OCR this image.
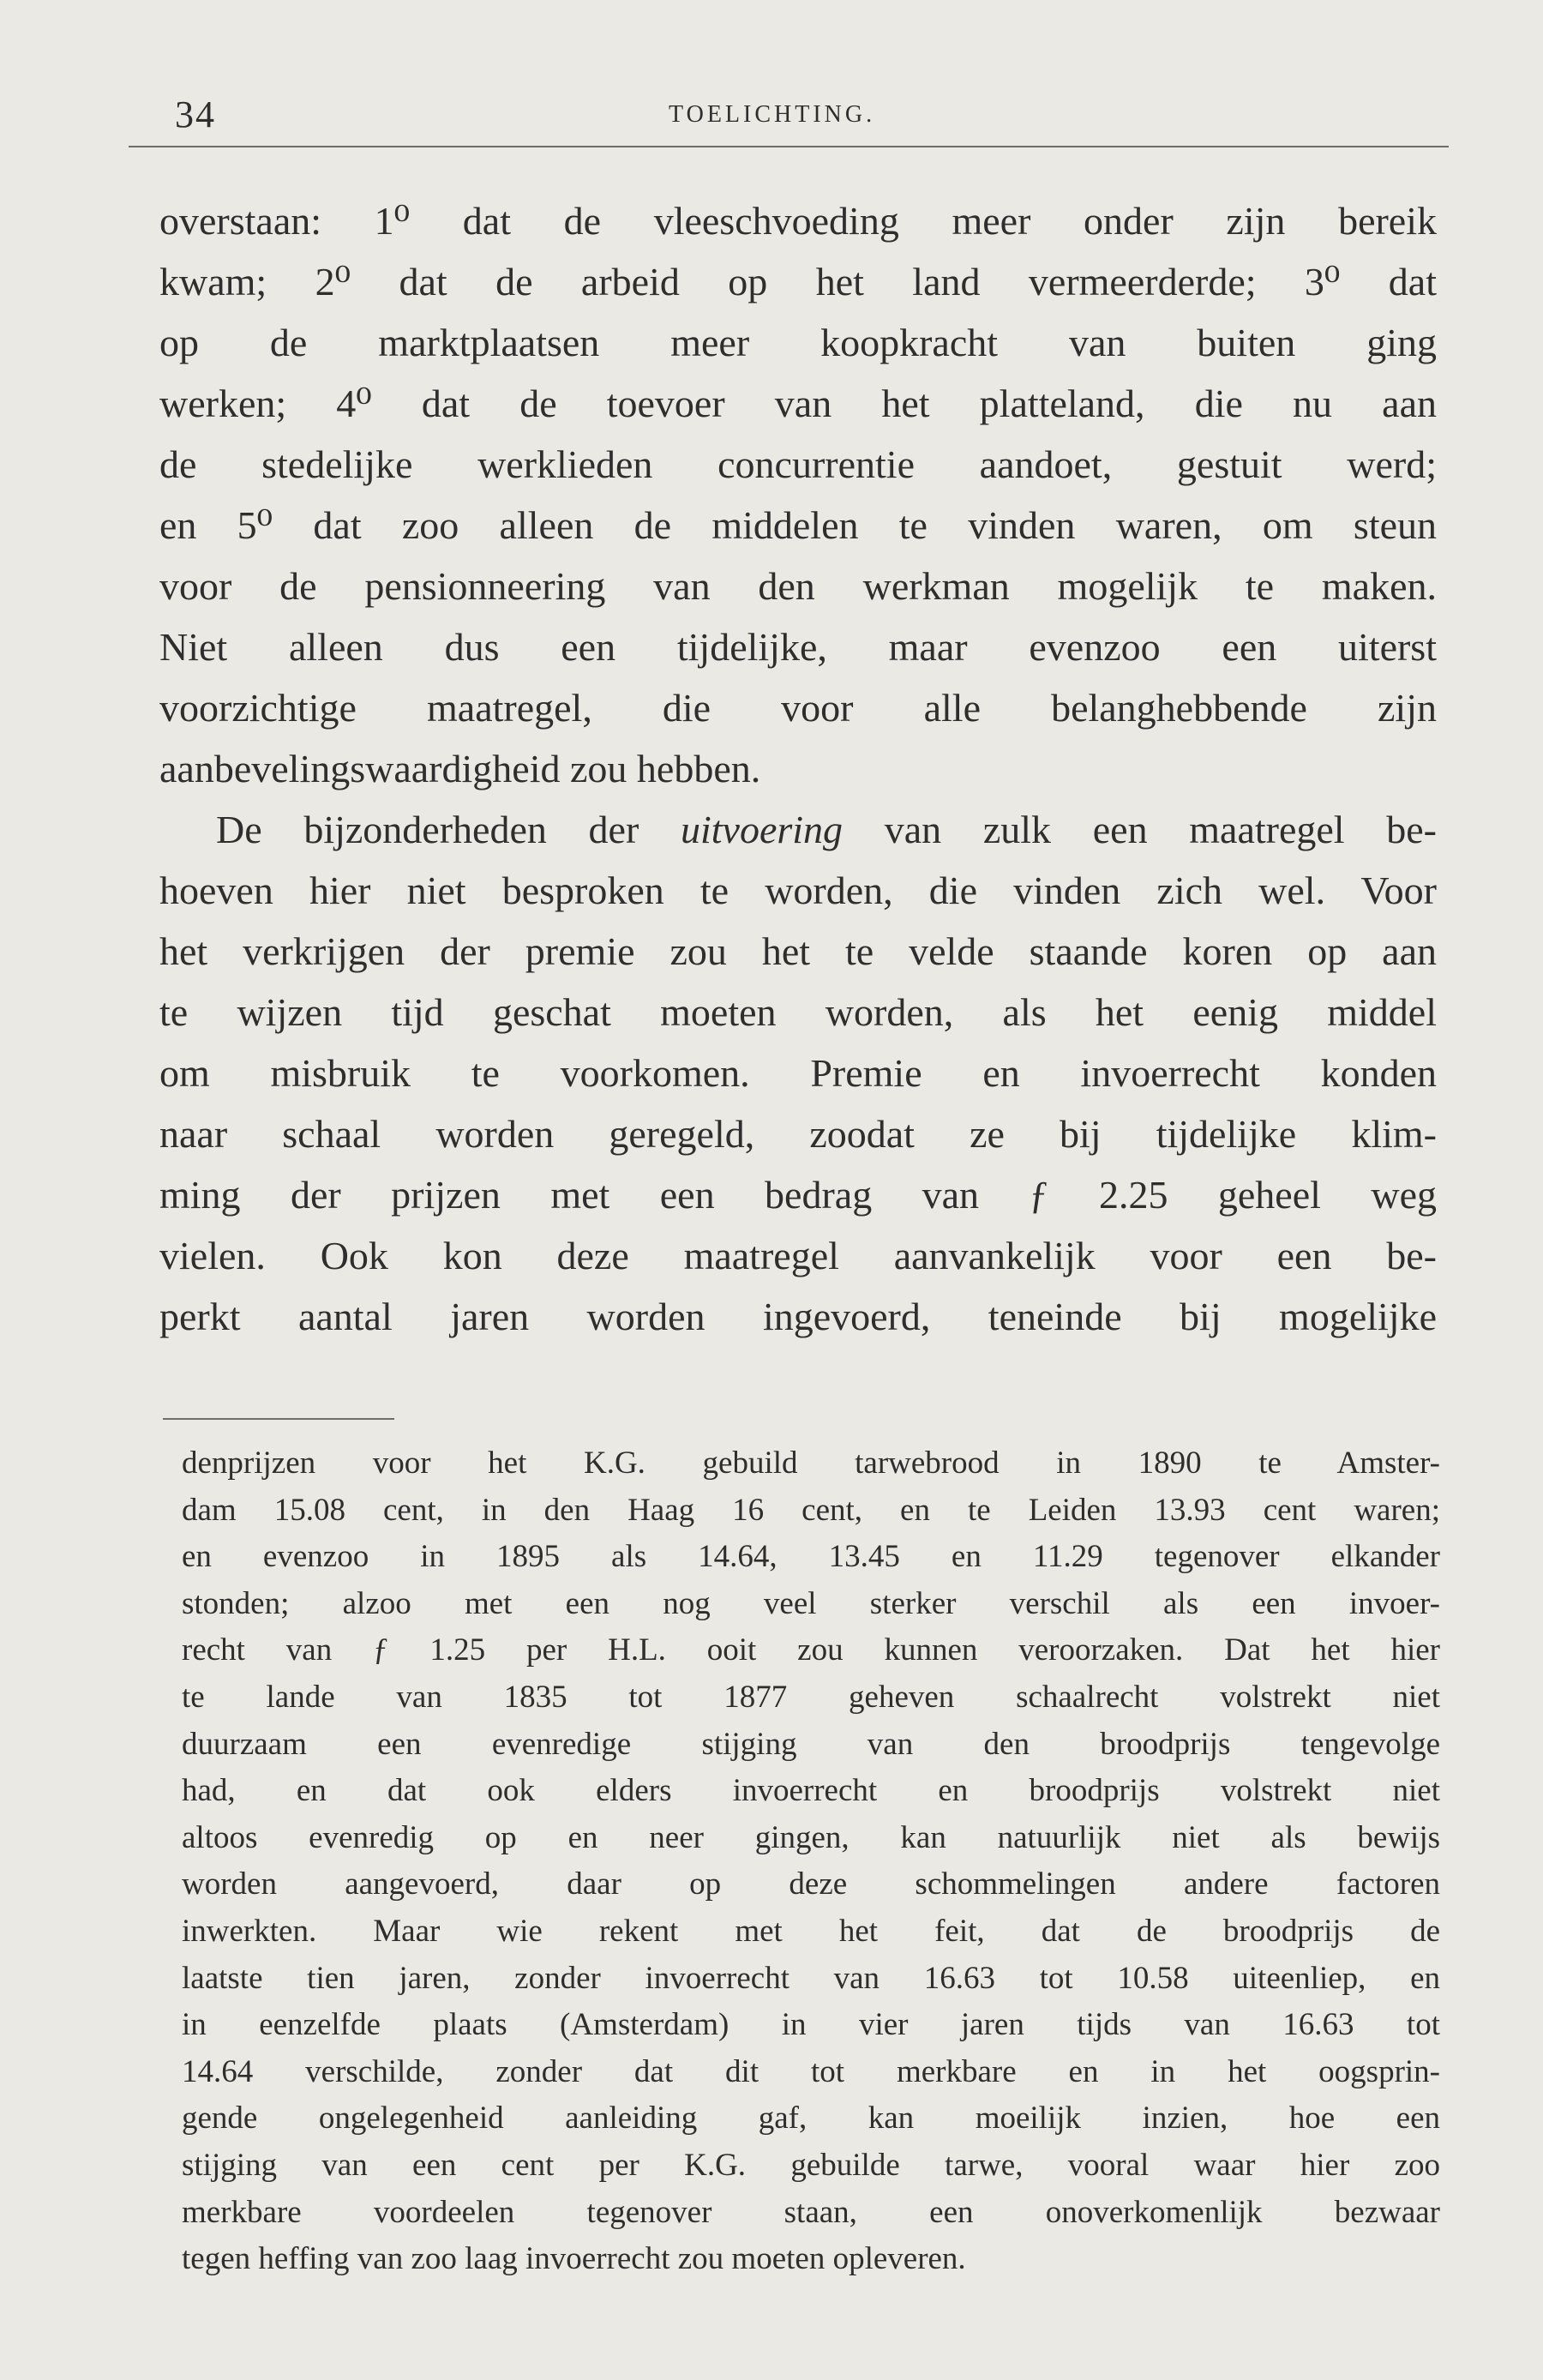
34	TOELICHTING.
overstaan: 1⁰ dat de vleeschvoeding meer onder zijn bereik
kwam; 2⁰ dat de arbeid op het land vermeerderde; 3⁰ dat
op de marktplaatsen meer koopkracht van buiten ging
werken; 4⁰ dat de toevoer van het platteland, die nu aan
de stedelijke werklieden concurrentie aandoet, gestuit werd;
en 5⁰ dat zoo alleen de middelen te vinden waren, om steun
voor de pensionneering van den werkman mogelijk te maken.
Niet alleen dus een tijdelijke, maar evenzoo een uiterst
voorzichtige maatregel, die voor alle belanghebbende zijn
aanbevelingswaardigheid zou hebben.
De bijzonderheden der uitvoering van zulk een maatregel be-
hoeven hier niet besproken te worden, die vinden zich wel. Voor
het verkrijgen der premie zou het te velde staande koren op aan
te wijzen tijd geschat moeten worden, als het eenig middel
om misbruik te voorkomen. Premie en invoerrecht konden
naar schaal worden geregeld, zoodat ze bij tijdelijke klim-
ming der prijzen met een bedrag van ƒ 2.25 geheel weg
vielen. Ook kon deze maatregel aanvankelijk voor een be-
perkt aantal jaren worden ingevoerd, teneinde bij mogelijke
denprijzen voor het K.G. gebuild tarwebrood in 1890 te Amster-
dam 15.08 cent, in den Haag 16 cent, en te Leiden 13.93 cent waren;
en evenzoo in 1895 als 14.64, 13.45 en 11.29 tegenover elkander
stonden; alzoo met een nog veel sterker verschil als een invoer-
recht van ƒ 1.25 per H.L. ooit zou kunnen veroorzaken. Dat het hier
te lande van 1835 tot 1877 geheven schaalrecht volstrekt niet
duurzaam een evenredige stijging van den broodprijs tengevolge
had, en dat ook elders invoerrecht en broodprijs volstrekt niet
altoos evenredig op en neer gingen, kan natuurlijk niet als bewijs
worden aangevoerd, daar op deze schommelingen andere factoren
inwerkten. Maar wie rekent met het feit, dat de broodprijs de
laatste tien jaren, zonder invoerrecht van 16.63 tot 10.58 uiteenliep, en
in eenzelfde plaats (Amsterdam) in vier jaren tijds van 16.63 tot
14.64 verschilde, zonder dat dit tot merkbare en in het oogsprin-
gende ongelegenheid aanleiding gaf, kan moeilijk inzien, hoe een
stijging van een cent per K.G. gebuilde tarwe, vooral waar hier zoo
merkbare voordeelen tegenover staan, een onoverkomenlijk bezwaar
tegen heffing van zoo laag invoerrecht zou moeten opleveren.
